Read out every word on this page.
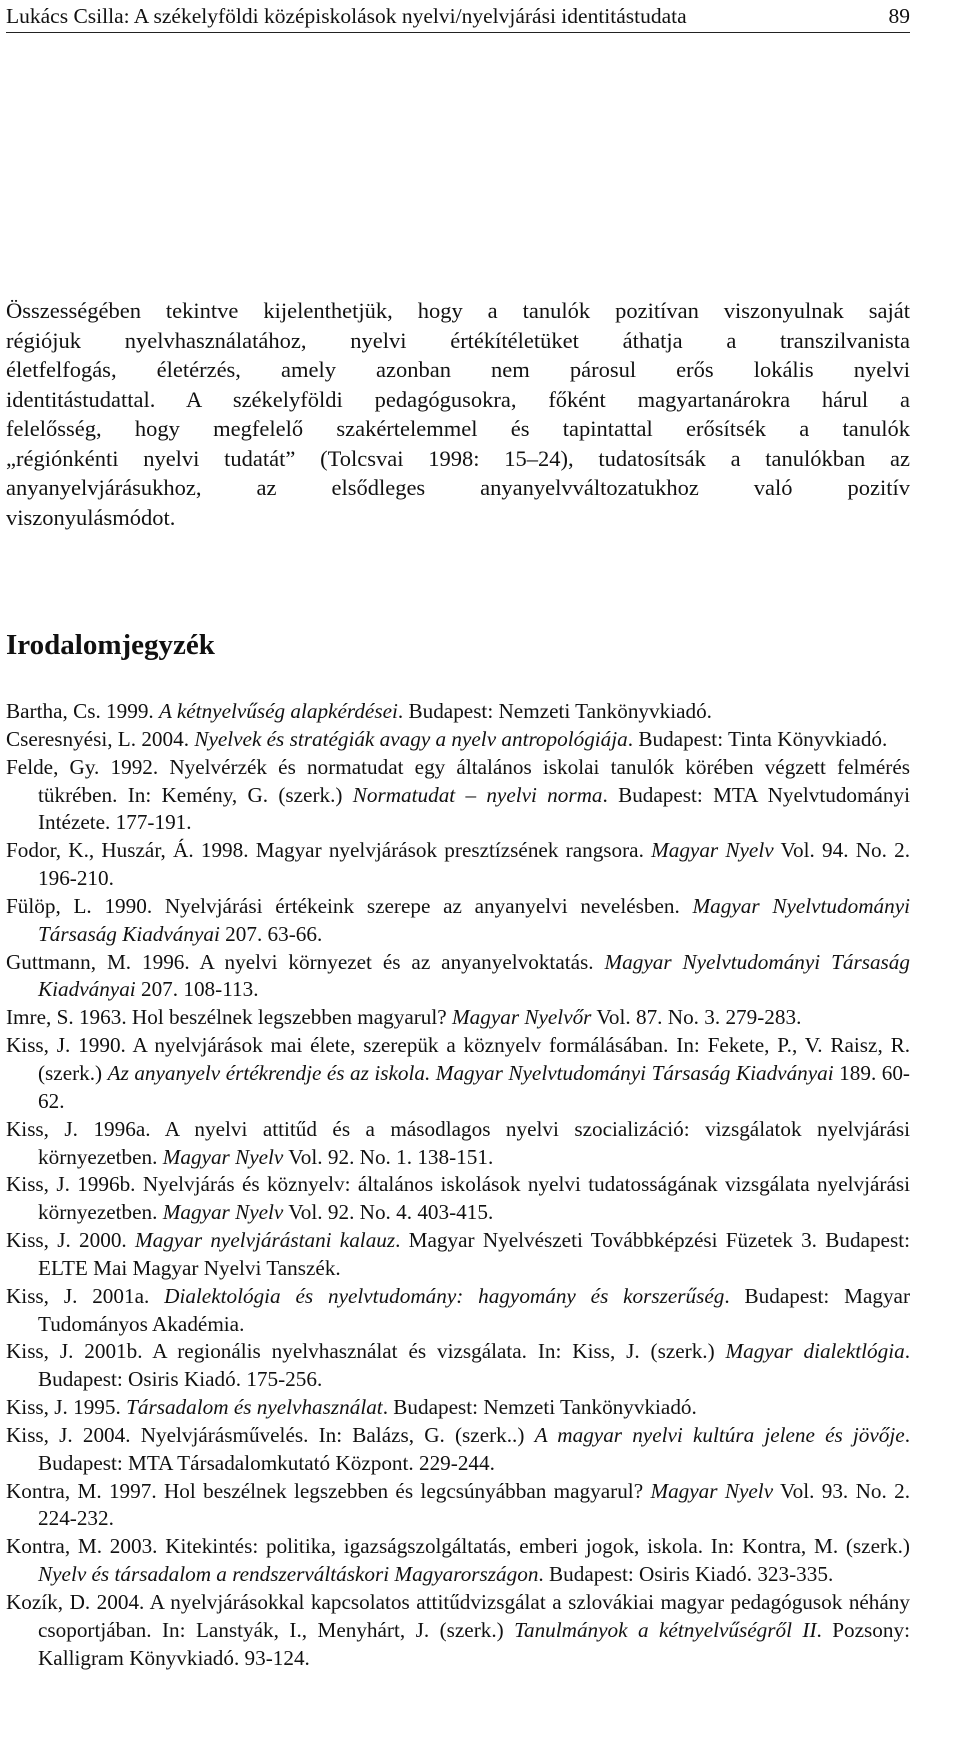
Lukács Csilla: A székelyföldi középiskolások nyelvi/nyelvjárási identitástudata	89
Összességében tekintve kijelenthetjük, hogy a tanulók pozitívan viszonyulnak saját
régiójuk nyelvhasználatához, nyelvi értékítéletüket áthatja a transzilvanista
életfelfogás, életérzés, amely azonban nem párosul erős lokális nyelvi
identitástudattal. A székelyföldi pedagógusokra, főként magyartanárokra hárul a
felelősség, hogy megfelelő szakértelemmel és tapintattal erősítsék a tanulók
„régiónkénti nyelvi tudatát” (Tolcsvai 1998: 15–24), tudatosítsák a tanulókban az
anyanyelvjárásukhoz, az elsődleges anyanyelvváltozatukhoz való pozitív
viszonyulásmódot.
Irodalomjegyzék

Bartha, Cs. 1999. A kétnyelvűség alapkérdései. Budapest: Nemzeti Tankönyvkiadó.

Cseresnyési, L. 2004. Nyelvek és stratégiák avagy a nyelv antropológiája. Budapest: Tinta Könyvkiadó.

Felde, Gy. 1992. Nyelvérzék és normatudat egy általános iskolai tanulók körében végzett felmérés tükrében. In: Kemény, G. (szerk.) Normatudat – nyelvi norma. Budapest: MTA Nyelvtudományi Intézete. 177-191.

Fodor, K., Huszár, Á. 1998. Magyar nyelvjárások presztízsének rangsora. Magyar Nyelv Vol. 94. No. 2. 196-210.

Fülöp, L. 1990. Nyelvjárási értékeink szerepe az anyanyelvi nevelésben. Magyar Nyelvtudományi Társaság Kiadványai 207. 63-66.

Guttmann, M. 1996. A nyelvi környezet és az anyanyelvoktatás. Magyar Nyelvtudományi Társaság Kiadványai 207. 108-113.

Imre, S. 1963. Hol beszélnek legszebben magyarul? Magyar Nyelvőr Vol. 87. No. 3. 279-283.

Kiss, J. 1990. A nyelvjárások mai élete, szerepük a köznyelv formálásában. In: Fekete, P., V. Raisz, R. (szerk.) Az anyanyelv értékrendje és az iskola. Magyar Nyelvtudományi Társaság Kiadványai 189. 60-62.

Kiss, J. 1996a. A nyelvi attitűd és a másodlagos nyelvi szocializáció: vizsgálatok nyelvjárási környezetben. Magyar Nyelv Vol. 92. No. 1. 138-151.

Kiss, J. 1996b. Nyelvjárás és köznyelv: általános iskolások nyelvi tudatosságának vizsgálata nyelvjárási környezetben. Magyar Nyelv Vol. 92. No. 4. 403-415.

Kiss, J. 2000. Magyar nyelvjárástani kalauz. Magyar Nyelvészeti Továbbképzési Füzetek 3. Budapest: ELTE Mai Magyar Nyelvi Tanszék.

Kiss, J. 2001a. Dialektológia és nyelvtudomány: hagyomány és korszerűség. Budapest: Magyar Tudományos Akadémia.

Kiss, J. 2001b. A regionális nyelvhasználat és vizsgálata. In: Kiss, J. (szerk.) Magyar dialektlógia. Budapest: Osiris Kiadó. 175-256.

Kiss, J. 1995. Társadalom és nyelvhasználat. Budapest: Nemzeti Tankönyvkiadó.

Kiss, J. 2004. Nyelvjárásművelés. In: Balázs, G. (szerk..) A magyar nyelvi kultúra jelene és jövője. Budapest: MTA Társadalomkutató Központ. 229-244.

Kontra, M. 1997. Hol beszélnek legszebben és legcsúnyábban magyarul? Magyar Nyelv Vol. 93. No. 2. 224-232.

Kontra, M. 2003. Kitekintés: politika, igazságszolgáltatás, emberi jogok, iskola. In: Kontra, M. (szerk.) Nyelv és társadalom a rendszerváltáskori Magyarországon. Budapest: Osiris Kiadó. 323-335.

Kozík, D. 2004. A nyelvjárásokkal kapcsolatos attitűdvizsgálat a szlovákiai magyar pedagógusok néhány csoportjában. In: Lanstyák, I., Menyhárt, J. (szerk.) Tanulmányok a kétnyelvűségről II. Pozsony: Kalligram Könyvkiadó. 93-124.
